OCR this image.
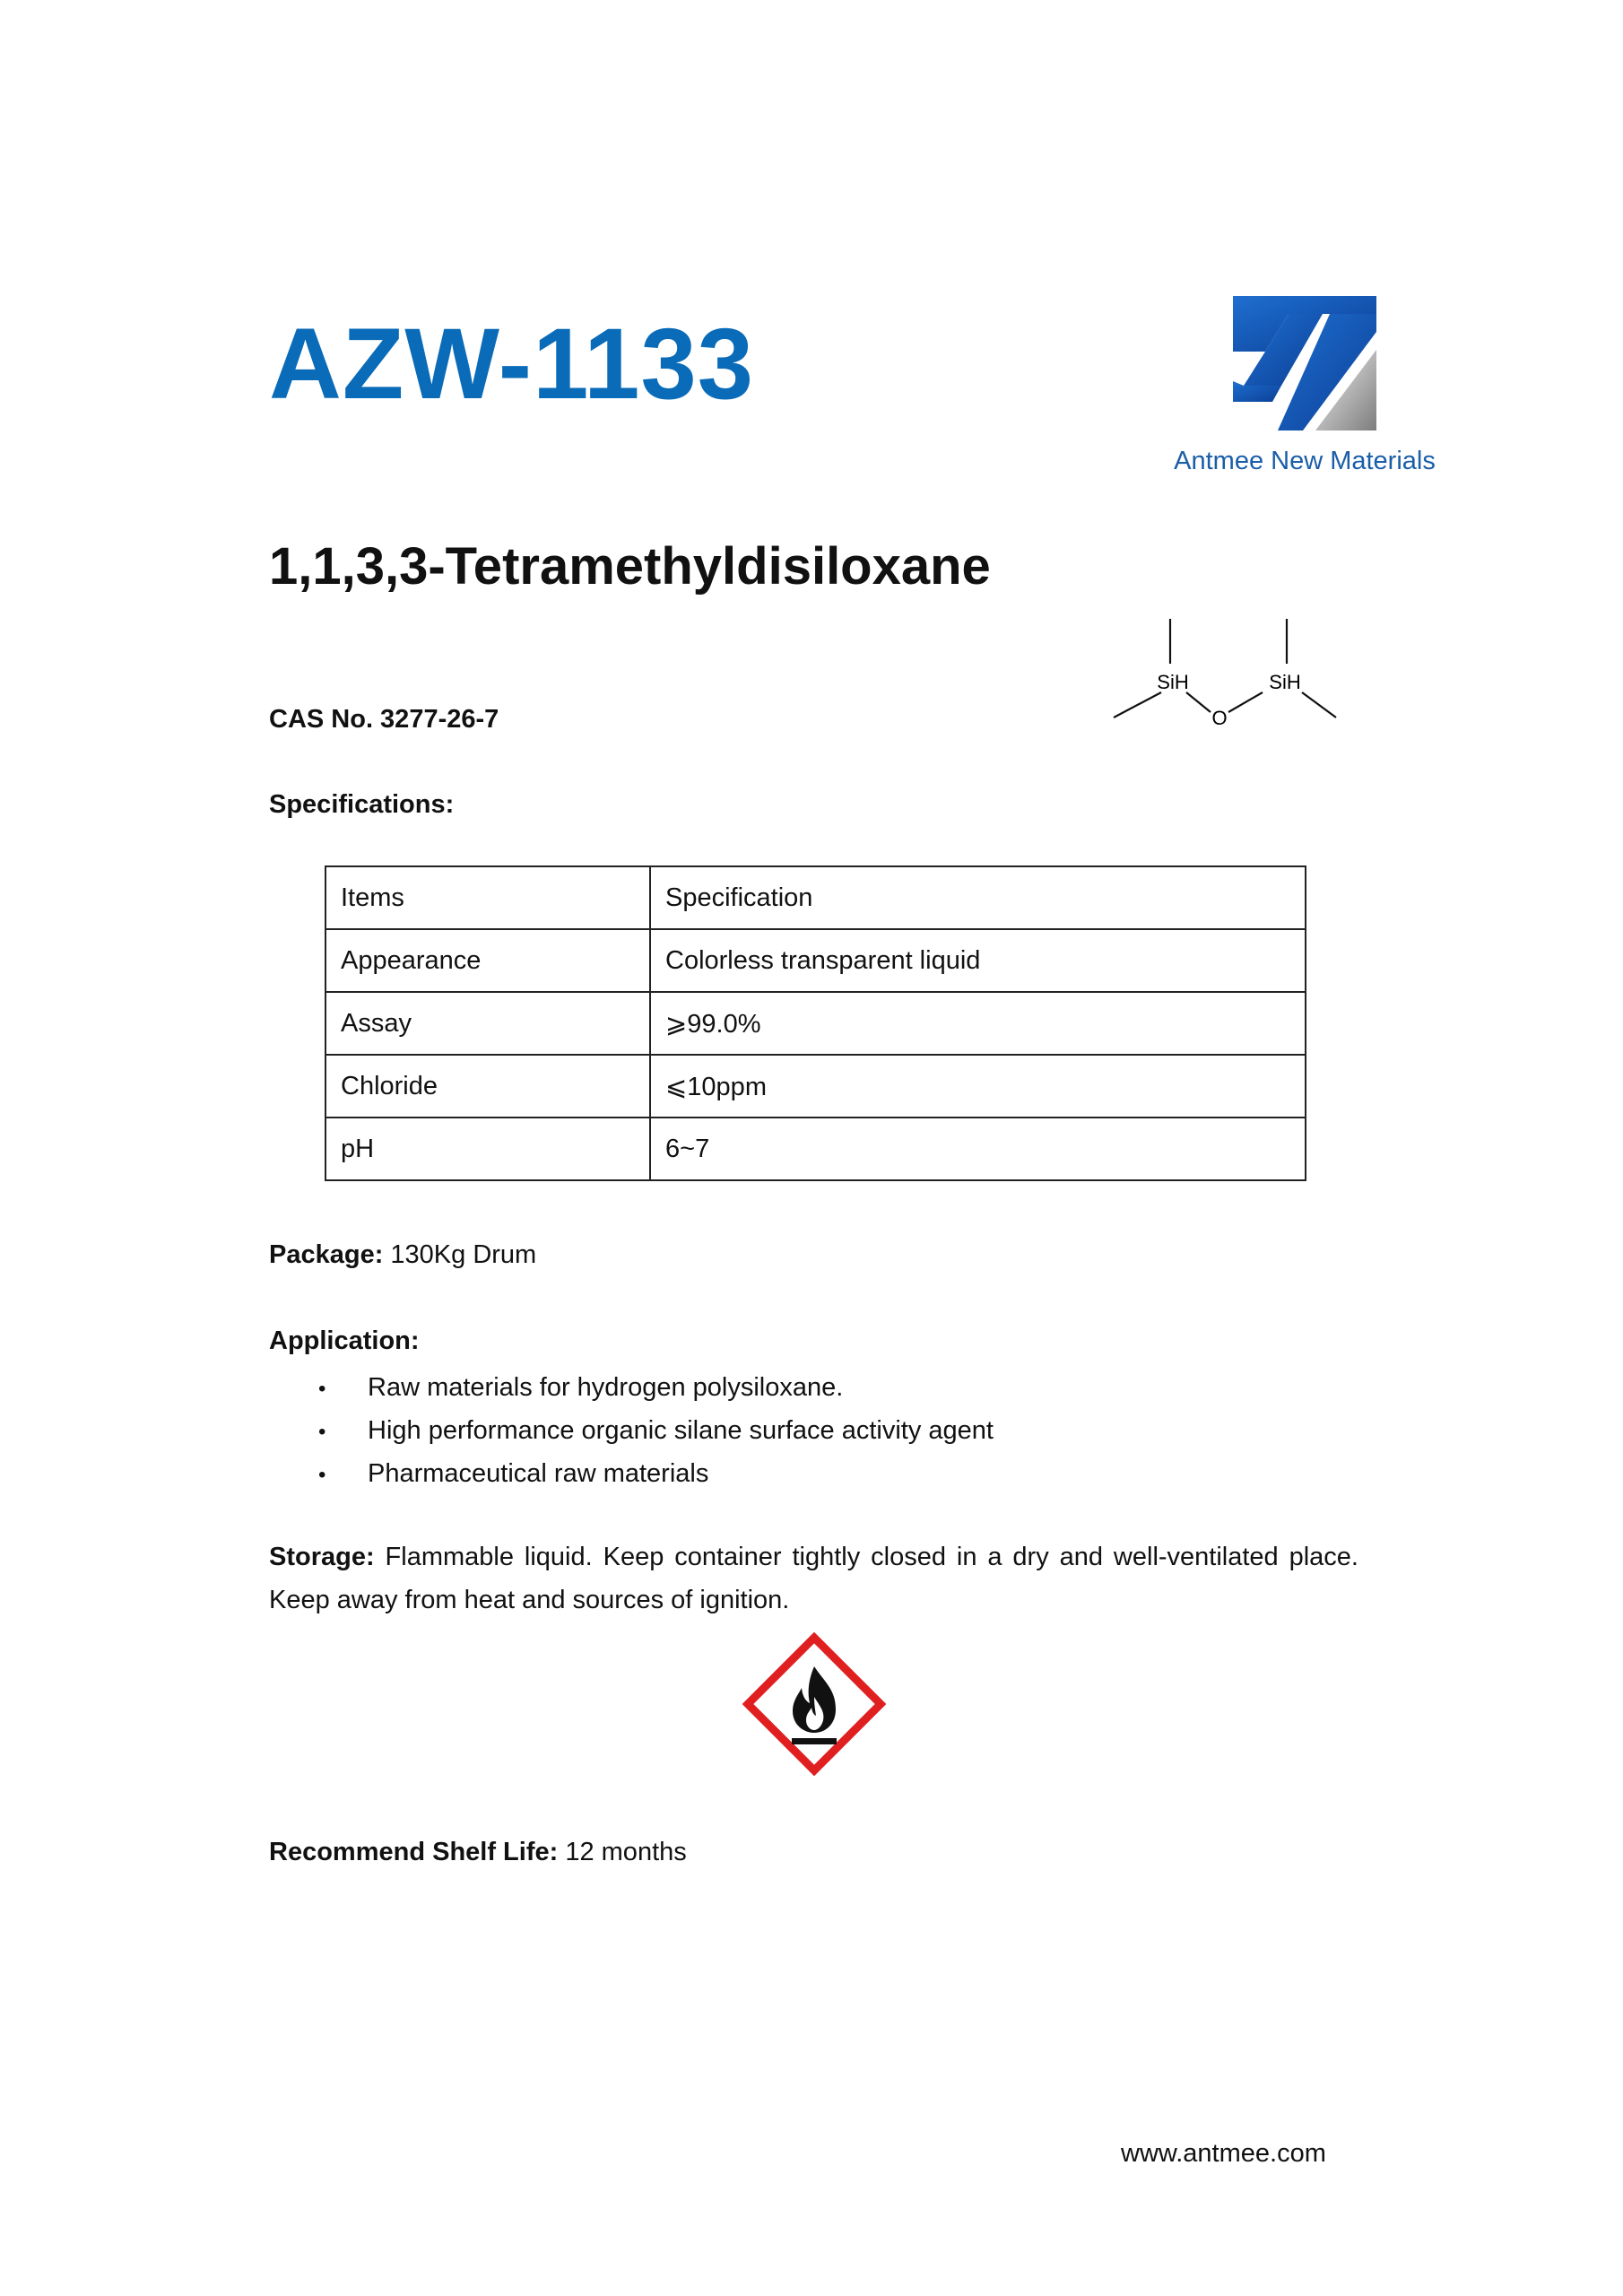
AZW-1133
Antmee New Materials
1,1,3,3-Tetramethyldisiloxane
SiH
O
SiH
CAS No. 3277-26-7
Specifications:
Items	Specification
Appearance	Colorless transparent liquid
Assay	⩾99.0%
Chloride	⩽10ppm
pH	6~7
Package: 130Kg Drum
Application:
• Raw materials for hydrogen polysiloxane.
• High performance organic silane surface activity agent
• Pharmaceutical raw materials
Storage: Flammable liquid. Keep container tightly closed in a dry and well-ventilated place. Keep away from heat and sources of ignition.
Recommend Shelf Life: 12 months
www.antmee.com
